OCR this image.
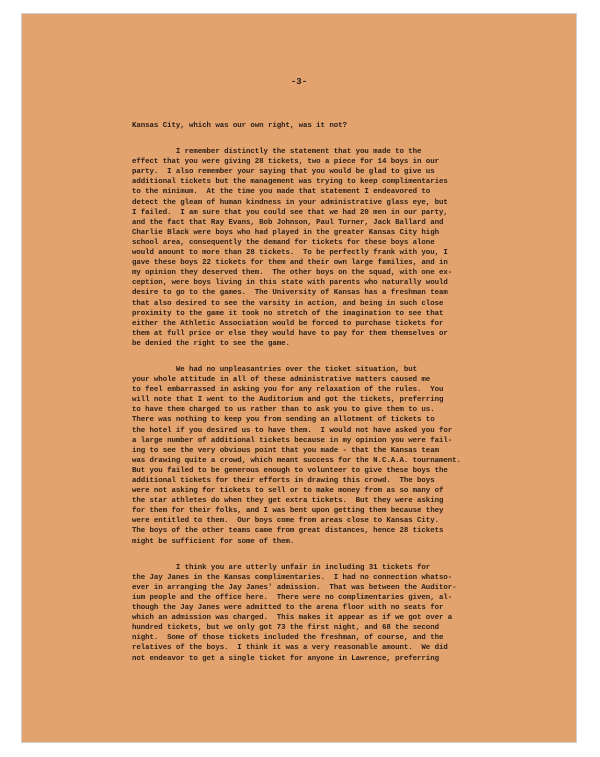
-3-
Kansas City, which was our own right, was it not?
I remember distinctly the statement that you made to the
effect that you were giving 28 tickets, two a piece for 14 boys in our
party.  I also remember your saying that you would be glad to give us
additional tickets but the management was trying to keep complimentaries
to the minimum.  At the time you made that statement I endeavored to
detect the gleam of human kindness in your administrative glass eye, but
I failed.  I am sure that you could see that we had 20 men in our party,
and the fact that Ray Evans, Bob Johnson, Paul Turner, Jack Ballard and
Charlie Black were boys who had played in the greater Kansas City high
school area, consequently the demand for tickets for these boys alone
would amount to more than 28 tickets.  To be perfectly frank with you, I
gave these boys 22 tickets for them and their own large families, and in
my opinion they deserved them.  The other boys on the squad, with one ex-
ception, were boys living in this state with parents who naturally would
desire to go to the games.  The University of Kansas has a freshman team
that also desired to see the varsity in action, and being in such close
proximity to the game it took no stretch of the imagination to see that
either the Athletic Association would be forced to purchase tickets for
them at full price or else they would have to pay for them themselves or
be denied the right to see the game.
We had no unpleasantries over the ticket situation, but
your whole attitude in all of these administrative matters caused me
to feel embarrassed in asking you for any relaxation of the rules.  You
will note that I went to the Auditorium and got the tickets, preferring
to have them charged to us rather than to ask you to give them to us.
There was nothing to keep you from sending an allotment of tickets to
the hotel if you desired us to have them.  I would not have asked you for
a large number of additional tickets because in my opinion you were fail-
ing to see the very obvious point that you made - that the Kansas team
was drawing quite a crowd, which meant success for the N.C.A.A. tournament.
But you failed to be generous enough to volunteer to give these boys the
additional tickets for their efforts in drawing this crowd.  The boys
were not asking for tickets to sell or to make money from as so many of
the star athletes do when they get extra tickets.  But they were asking
for them for their folks, and I was bent upon getting them because they
were entitled to them.  Our boys come from areas close to Kansas City.
The boys of the other teams came from great distances, hence 28 tickets
might be sufficient for some of them.
I think you are utterly unfair in including 31 tickets for
the Jay Janes in the Kansas complimentaries.  I had no connection whatso-
ever in arranging the Jay Janes' admission.  That was between the Auditor-
ium people and the office here.  There were no complimentaries given, al-
though the Jay Janes were admitted to the arena floor with no seats for
which an admission was charged.  This makes it appear as if we got over a
hundred tickets, but we only got 73 the first night, and 68 the second
night.  Some of those tickets included the freshman, of course, and the
relatives of the boys.  I think it was a very reasonable amount.  We did
not endeavor to get a single ticket for anyone in Lawrence, preferring
